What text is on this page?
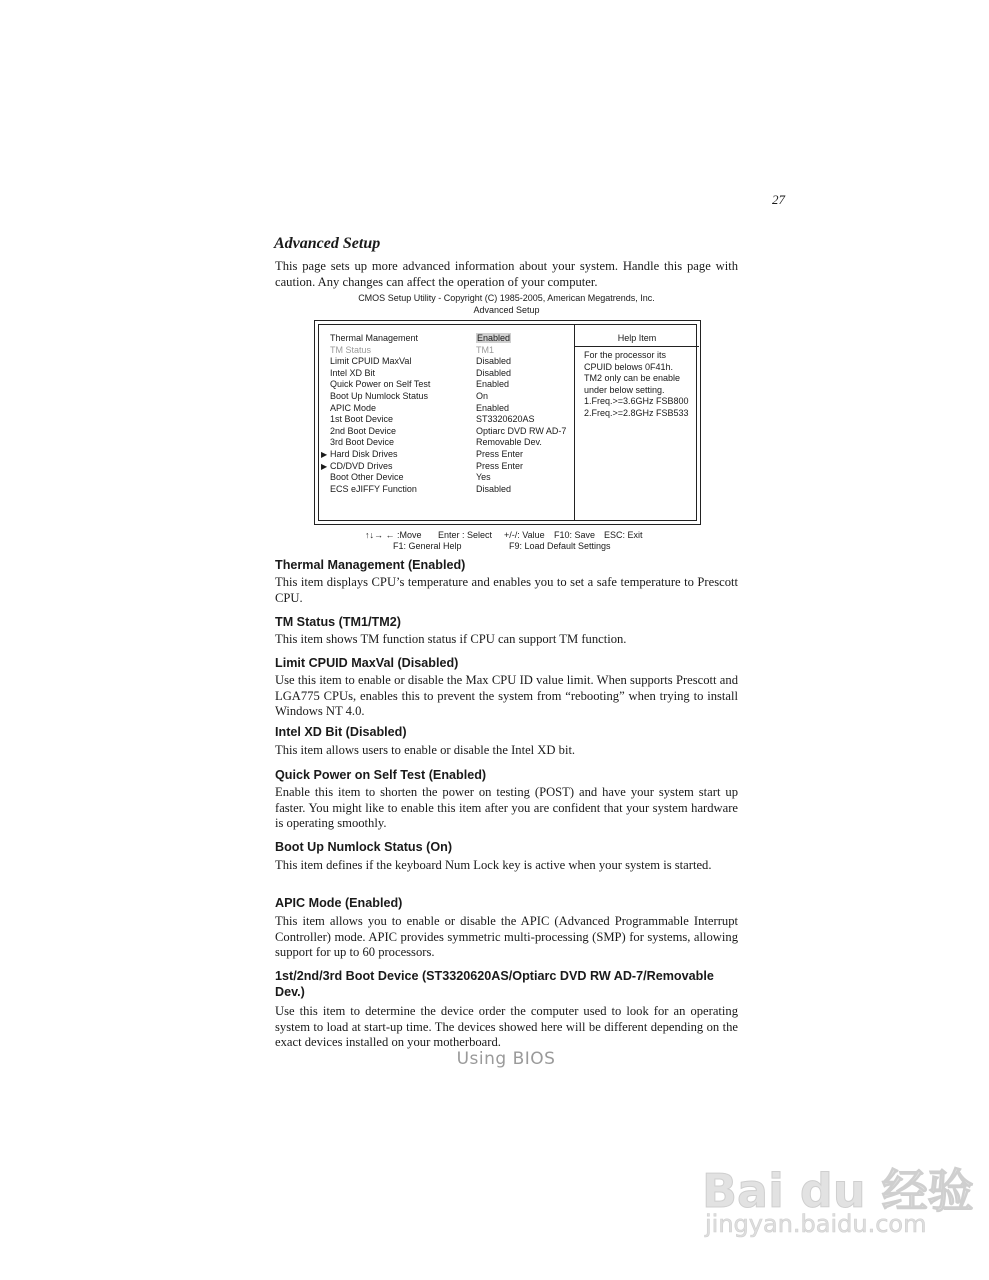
27
Advanced Setup

This page sets up more advanced information about your system. Handle this page with caution. Any changes can affect the operation of your computer.

CMOS Setup Utility - Copyright (C) 1985-2005, American Megatrends, Inc.
Advanced Setup
Thermal Management	Enabled
TM Status	TM1
Limit CPUID MaxVal	Disabled
Intel XD Bit	Disabled
Quick Power on Self Test	Enabled
Boot Up Numlock Status	On
APIC Mode	Enabled
1st Boot Device	ST3320620AS
2nd Boot Device	Optiarc DVD RW AD-7
3rd Boot Device	Removable Dev.
▶ Hard Disk Drives	Press Enter
▶ CD/DVD Drives	Press Enter
Boot Other Device	Yes
ECS eJIFFY Function	Disabled
Help Item
For the processor its
CPUID belows 0F41h.
TM2 only can be enable
under below setting.
1.Freq.>=3.6GHz FSB800
2.Freq.>=2.8GHz FSB533
↑↓→ ← :Move Enter : Select +/-/: Value F10: Save ESC: Exit
F1: General Help	F9: Load Default Settings
Thermal Management (Enabled)

This item displays CPU’s temperature and enables you to set a safe temperature to Prescott CPU.

TM Status (TM1/TM2)

This item shows TM function status if CPU can support TM function.

Limit CPUID MaxVal (Disabled)

Use this item to enable or disable the Max CPU ID value limit. When supports Prescott and LGA775 CPUs, enables this to prevent the system from “rebooting” when trying to install Windows NT 4.0.

Intel XD Bit (Disabled)

This item allows users to enable or disable the Intel XD bit.

Quick Power on Self Test (Enabled)

Enable this item to shorten the power on testing (POST) and have your system start up faster. You might like to enable this item after you are confident that your system hardware is operating smoothly.

Boot Up Numlock Status (On)

This item defines if the keyboard Num Lock key is active when your system is started.

APIC Mode (Enabled)

This item allows you to enable or disable the APIC (Advanced Programmable Interrupt Controller) mode. APIC provides symmetric multi-processing (SMP) for systems, allowing support for up to 60 processors.

1st/2nd/3rd Boot Device (ST3320620AS/Optiarc DVD RW AD-7/Removable Dev.)

Use this item to determine the device order the computer used to look for an operating system to load at start-up time. The devices showed here will be different depending on the exact devices installed on your motherboard.

Using BIOS
Bai du 经验
jingyan.baidu.com
